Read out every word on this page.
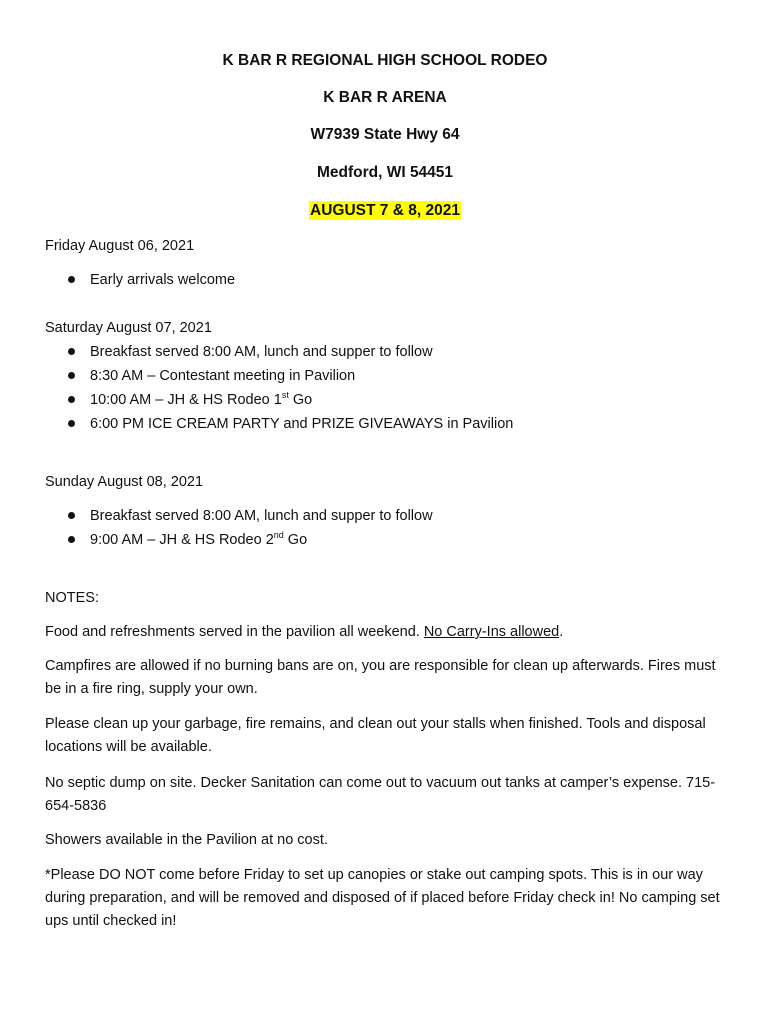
K BAR R REGIONAL HIGH SCHOOL RODEO
K BAR R ARENA
W7939 State Hwy 64
Medford, WI 54451
AUGUST 7 & 8, 2021
Friday August 06, 2021
Early arrivals welcome
Saturday August 07, 2021
Breakfast served 8:00 AM, lunch and supper to follow
8:30 AM – Contestant meeting in Pavilion
10:00 AM – JH & HS Rodeo 1st Go
6:00 PM ICE CREAM PARTY and PRIZE GIVEAWAYS in Pavilion
Sunday August 08, 2021
Breakfast served 8:00 AM, lunch and supper to follow
9:00 AM – JH & HS Rodeo 2nd Go
NOTES:
Food and refreshments served in the pavilion all weekend. No Carry-Ins allowed.
Campfires are allowed if no burning bans are on, you are responsible for clean up afterwards. Fires must be in a fire ring, supply your own.
Please clean up your garbage, fire remains, and clean out your stalls when finished. Tools and disposal locations will be available.
No septic dump on site. Decker Sanitation can come out to vacuum out tanks at camper’s expense. 715-654-5836
Showers available in the Pavilion at no cost.
*Please DO NOT come before Friday to set up canopies or stake out camping spots. This is in our way during preparation, and will be removed and disposed of if placed before Friday check in! No camping set ups until checked in!
